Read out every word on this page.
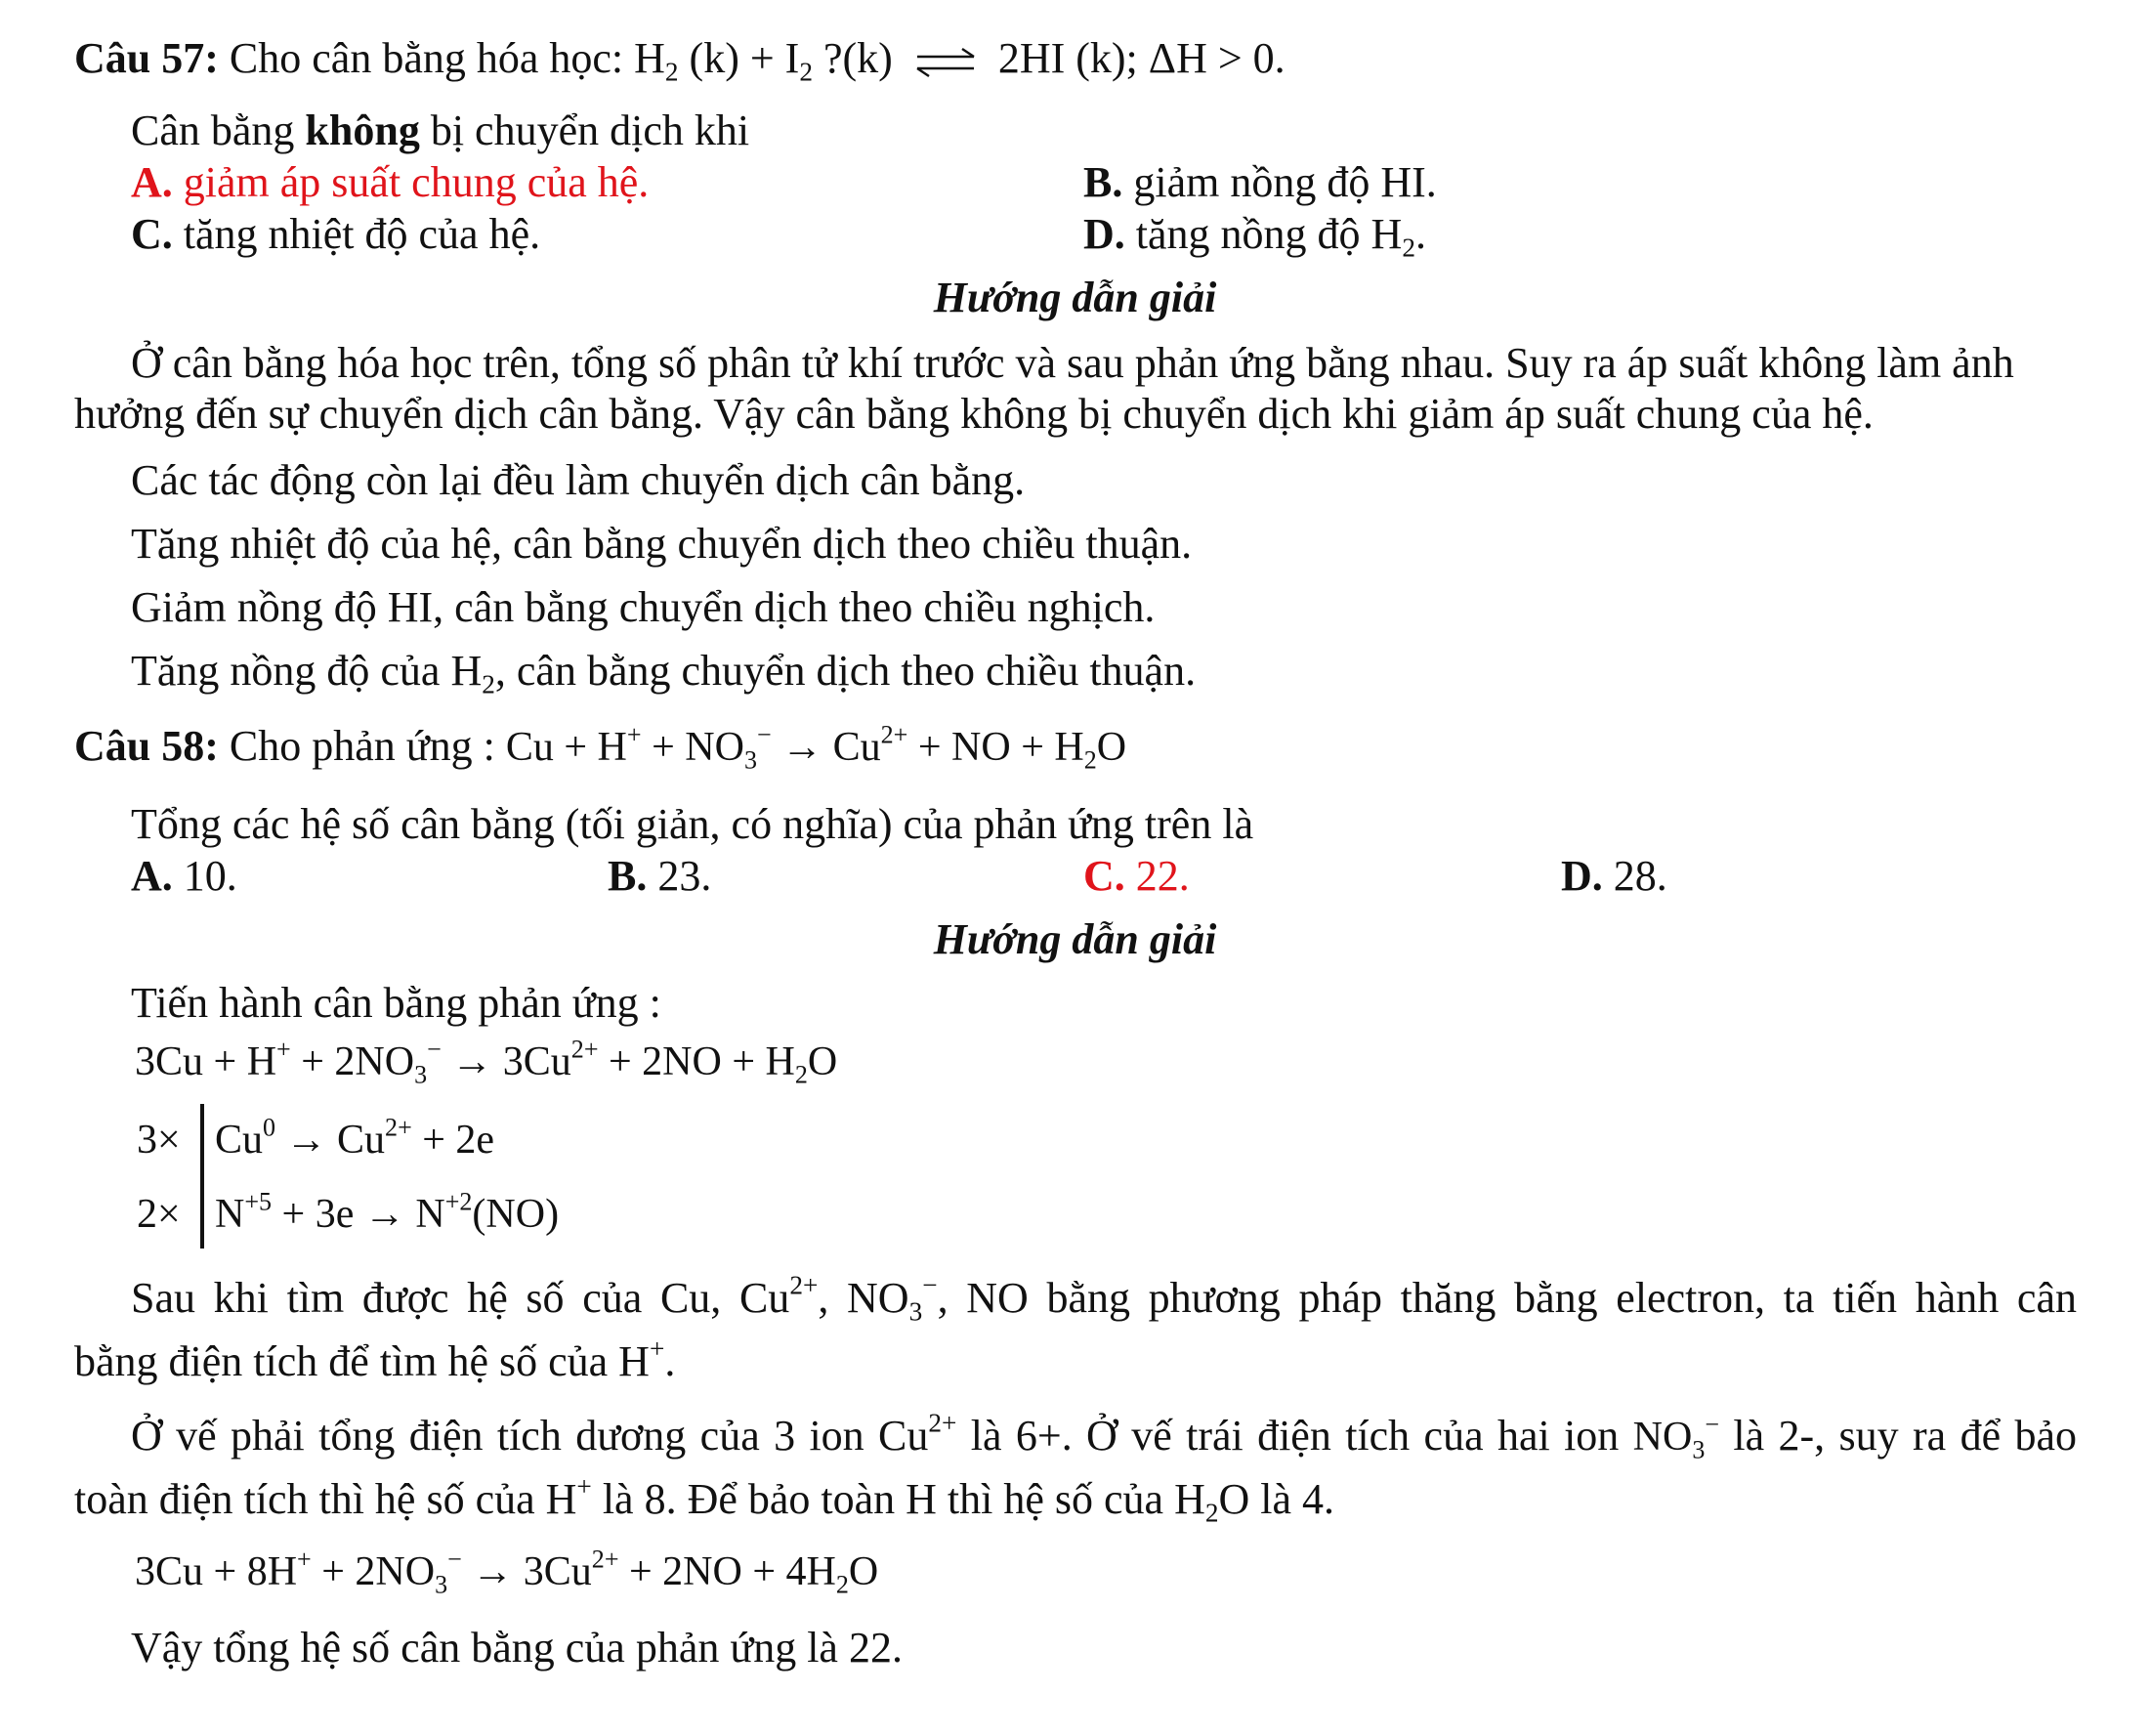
Câu 57: Cho cân bằng hóa học: $H_2$ $(k) + I_2$ ?(k) ⇌ 2HI (k); ΔH > 0.
Cân bằng không bị chuyển dịch khi
A. giảm áp suất chung của hệ.	B. giảm nồng độ HI.
C. tăng nhiệt độ của hệ.	D. tăng nồng độ $H_2$.
Hướng dẫn giải
Ở cân bằng hóa học trên, tổng số phân tử khí trước và sau phản ứng bằng nhau. Suy ra áp suất không làm ảnh
hưởng đến sự chuyển dịch cân bằng. Vậy cân bằng không bị chuyển dịch khi giảm áp suất chung của hệ.
Các tác động còn lại đều làm chuyển dịch cân bằng.
Tăng nhiệt độ của hệ, cân bằng chuyển dịch theo chiều thuận.
Giảm nồng độ HI, cân bằng chuyển dịch theo chiều nghịch.
Tăng nồng độ của $H_2$, cân bằng chuyển dịch theo chiều thuận.
Câu 58: Cho phản ứng : $Cu + H^+ + NO_3^- \to Cu^{2+}$ + NO + $H_2O$
Tổng các hệ số cân bằng (tối giản, có nghĩa) của phản ứng trên là
A. 10.	B. 23.	C. 22.	D. 28.
Hướng dẫn giải
Tiến hành cân bằng phản ứng :
$3Cu + H^+ + 2NO_3^- \to 3Cu^{2+} + 2NO + H_2O$
$3\times Cu^0 \to Cu^{2+} + 2e$
$2\times N^{+5} + 3e \to N^{+2}(NO)$
Sau khi tìm được hệ số của Cu, $Cu^{2+}$, $NO_3^-$, NO bằng phương pháp thăng bằng electron, ta tiến hành cân
bằng điện tích để tìm hệ số của H+.
Ở vế phải tổng điện tích dương của 3 ion $Cu^{2+}$ là 6+. Ở vế trái điện tích của hai ion $NO_3^-$ là 2-, suy ra để bảo
toàn điện tích thì hệ số của H+ là 8. Để bảo toàn H thì hệ số của $H_2O$ là 4.
$3Cu + 8H^+ + 2NO_3^- \to 3Cu^{2+} + 2NO + 4H_2O$
Vậy tổng hệ số cân bằng của phản ứng là 22.
